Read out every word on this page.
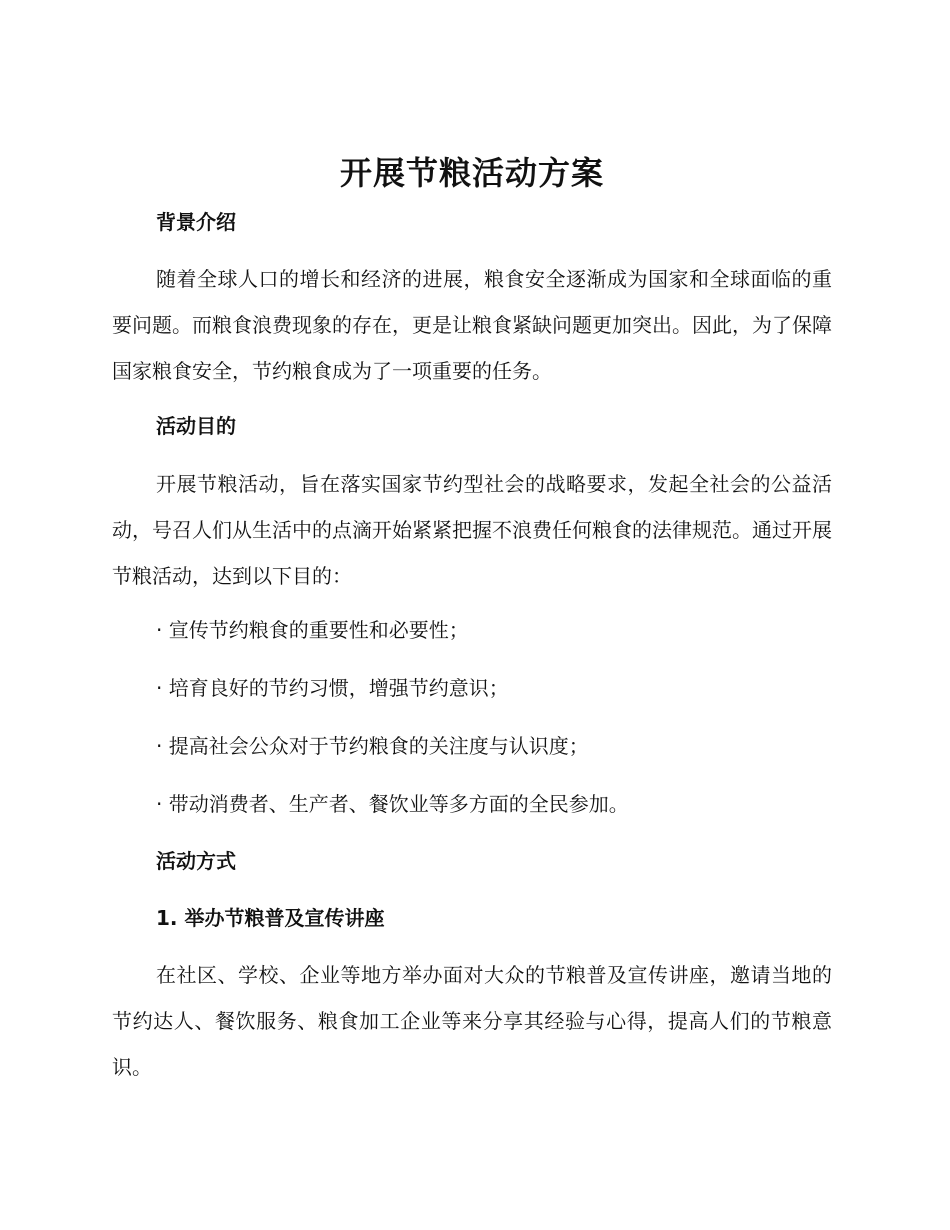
开展节粮活动方案
背景介绍

随着全球人口的增长和经济的进展，粮食安全逐渐成为国家和全球面临的重要问题。而粮食浪费现象的存在，更是让粮食紧缺问题更加突出。因此，为了保障国家粮食安全，节约粮食成为了一项重要的任务。

活动目的

开展节粮活动，旨在落实国家节约型社会的战略要求，发起全社会的公益活动，号召人们从生活中的点滴开始紧紧把握不浪费任何粮食的法律规范。通过开展节粮活动，达到以下目的：

· 宣传节约粮食的重要性和必要性；

· 培育良好的节约习惯，增强节约意识；

· 提高社会公众对于节约粮食的关注度与认识度；

· 带动消费者、生产者、餐饮业等多方面的全民参加。

活动方式
1. 举办节粮普及宣传讲座

在社区、学校、企业等地方举办面对大众的节粮普及宣传讲座，邀请当地的节约达人、餐饮服务、粮食加工企业等来分享其经验与心得，提高人们的节粮意识。
